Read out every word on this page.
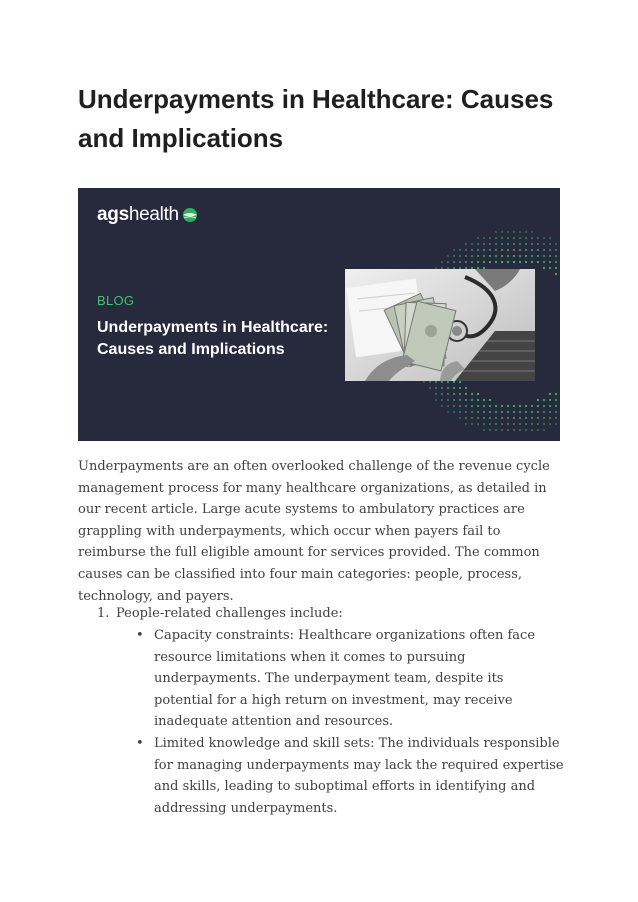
Underpayments in Healthcare: Causes and Implications
ags health
BLOG
Underpayments in Healthcare:
Causes and Implications

Underpayments are an often overlooked challenge of the revenue cycle management process for many healthcare organizations, as detailed in our recent article. Large acute systems to ambulatory practices are grappling with underpayments, which occur when payers fail to reimburse the full eligible amount for services provided. The common causes can be classified into four main categories: people, process, technology, and payers.

1. People-related challenges include:
• Capacity constraints: Healthcare organizations often face resource limitations when it comes to pursuing underpayments. The underpayment team, despite its potential for a high return on investment, may receive inadequate attention and resources.
• Limited knowledge and skill sets: The individuals responsible for managing underpayments may lack the required expertise and skills, leading to suboptimal efforts in identifying and addressing underpayments.
